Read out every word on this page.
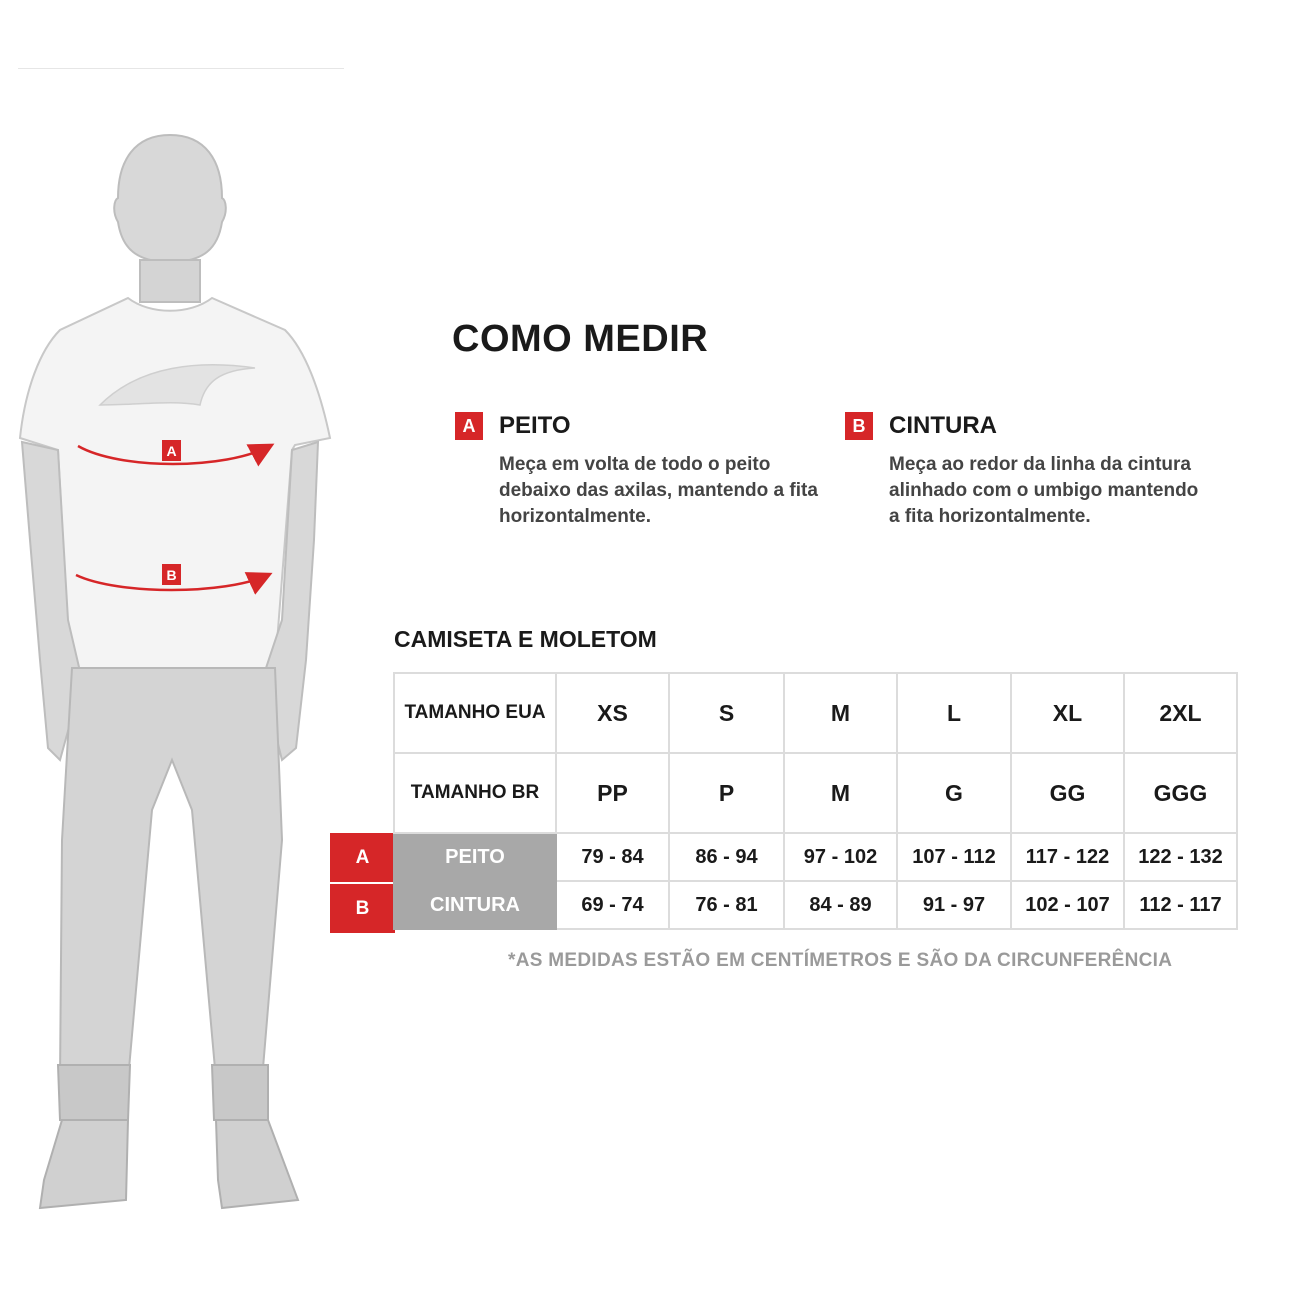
A
B
COMO MEDIR
A PEITO
Meça em volta de todo o peito debaixo das axilas, mantendo a fita horizontalmente.
B CINTURA
Meça ao redor da linha da cintura alinhado com o umbigo mantendo a fita horizontalmente.
CAMISETA E MOLETOM
A
B
TAMANHO EUA	XS	S	M	L	XL	2XL
TAMANHO BR	PP	P	M	G	GG	GGG
PEITO	79 - 84	86 - 94	97 - 102	107 - 112	117 - 122	122 - 132
CINTURA	69 - 74	76 - 81	84 - 89	91 - 97	102 - 107	112 - 117
*AS MEDIDAS ESTÃO EM CENTÍMETROS E SÃO DA CIRCUNFERÊNCIA
